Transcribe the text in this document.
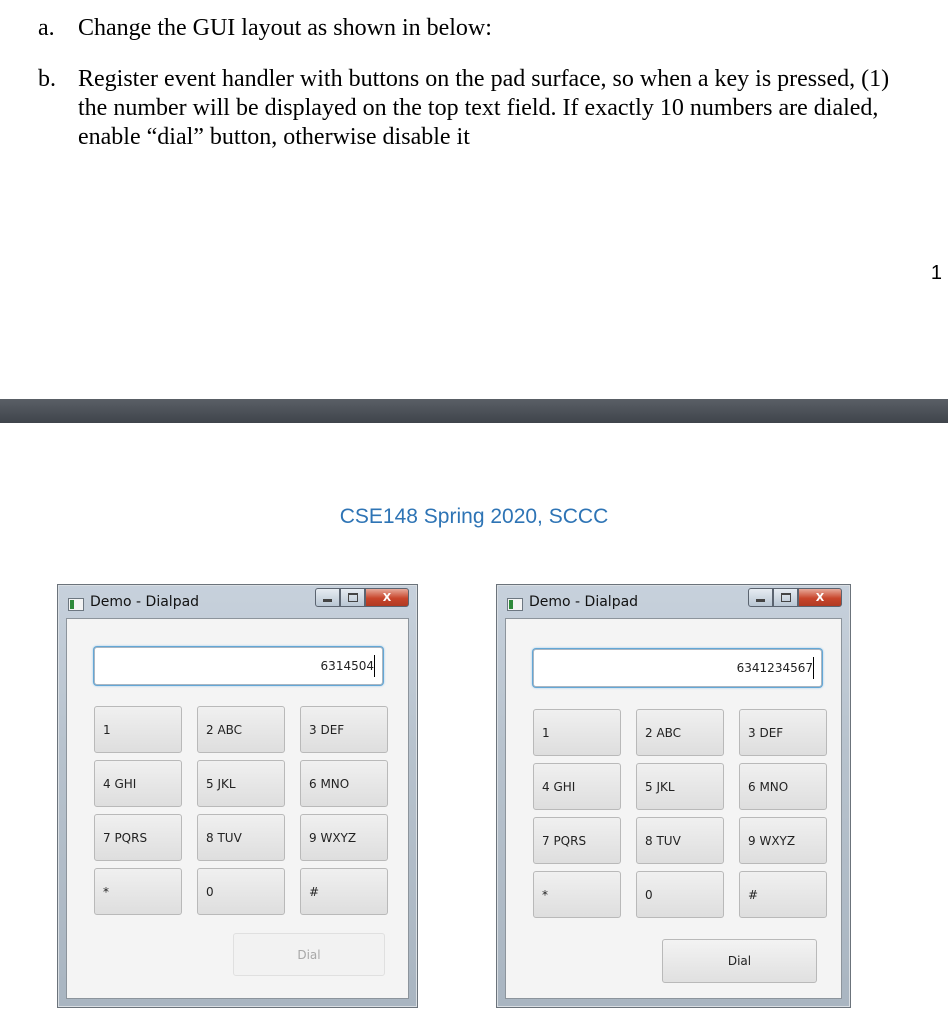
a. Change the GUI layout as shown in below:
b. Register event handler with buttons on the pad surface, so when a key is pressed, (1) the number will be displayed on the top text field. If exactly 10 numbers are dialed, enable “dial” button, otherwise disable it
1
CSE148 Spring 2020, SCCC
Demo - Dialpad	X
6314504
1	2 ABC	3 DEF
4 GHI	5 JKL	6 MNO
7 PQRS	8 TUV	9 WXYZ
*	0	#
Dial
Demo - Dialpad	X
6341234567
1	2 ABC	3 DEF
4 GHI	5 JKL	6 MNO
7 PQRS	8 TUV	9 WXYZ
*	0	#
Dial
